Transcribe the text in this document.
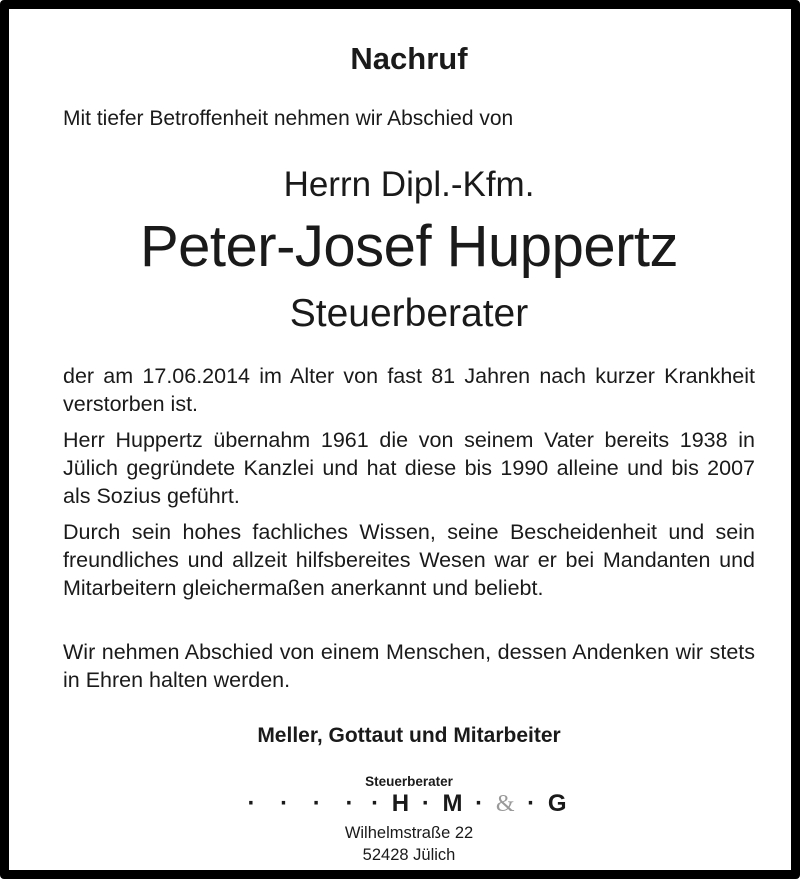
Nachruf
Mit tiefer Betroffenheit nehmen wir Abschied von
Herrn Dipl.-Kfm.
Peter-Josef Huppertz
Steuerberater

der am 17.06.2014 im Alter von fast 81 Jahren nach kurzer Krankheit verstorben ist.

Herr Huppertz übernahm 1961 die von seinem Vater bereits 1938 in Jülich gegründete Kanzlei und hat diese bis 1990 alleine und bis 2007 als Sozius geführt.

Durch sein hohes fachliches Wissen, seine Bescheidenheit und sein freundliches und allzeit hilfsbereites Wesen war er bei Mandanten und Mitarbeitern gleichermaßen anerkannt und beliebt.

Wir nehmen Abschied von einem Menschen, dessen Andenken wir stets in Ehren halten werden.

Meller, Gottaut und Mitarbeiter
Steuerberater
· · · · · H · M · & · G
Wilhelmstraße 22
52428 Jülich
